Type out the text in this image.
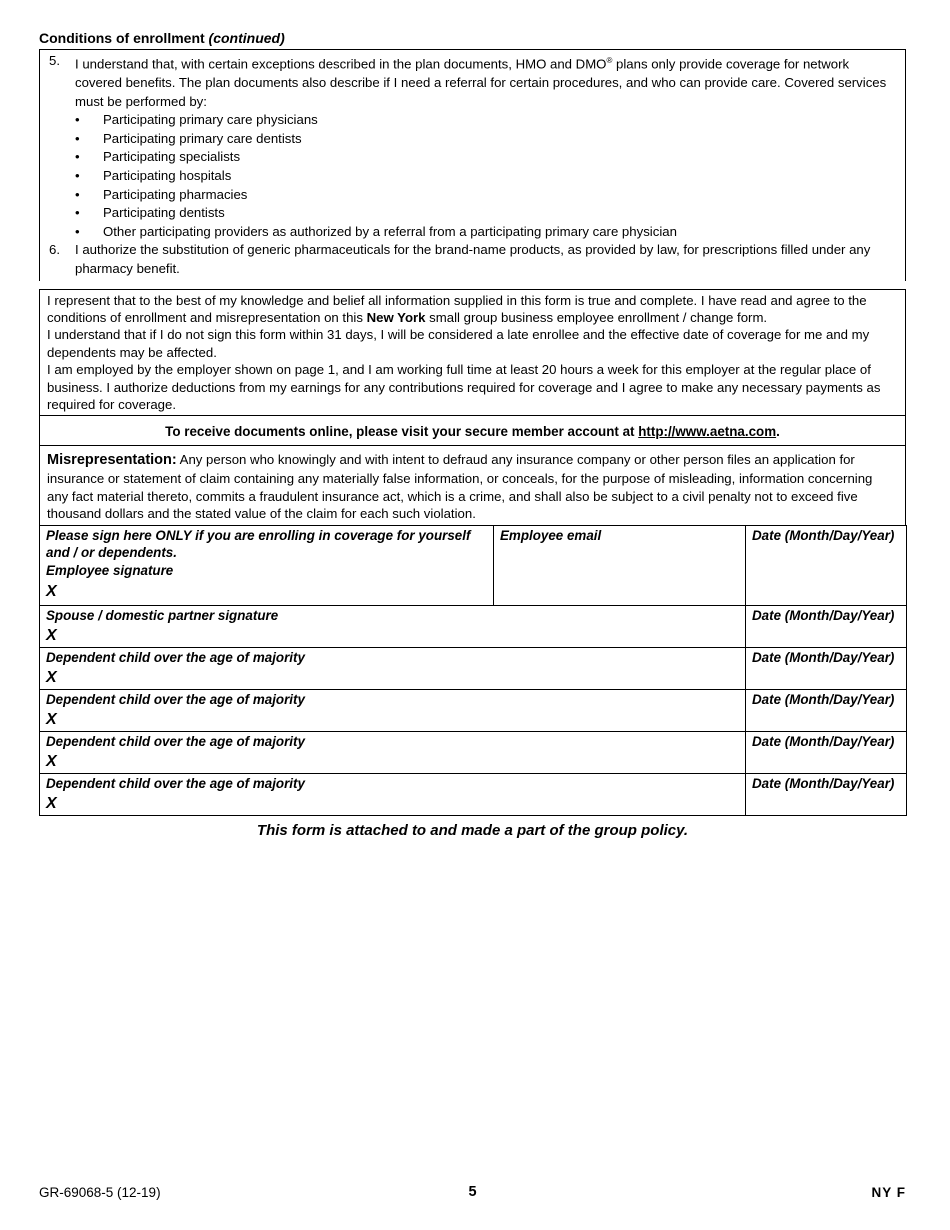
Conditions of enrollment (continued)
5. I understand that, with certain exceptions described in the plan documents, HMO and DMO® plans only provide coverage for network covered benefits. The plan documents also describe if I need a referral for certain procedures, and who can provide care. Covered services must be performed by:
• Participating primary care physicians
• Participating primary care dentists
• Participating specialists
• Participating hospitals
• Participating pharmacies
• Participating dentists
• Other participating providers as authorized by a referral from a participating primary care physician
6. I authorize the substitution of generic pharmaceuticals for the brand-name products, as provided by law, for prescriptions filled under any pharmacy benefit.

I represent that to the best of my knowledge and belief all information supplied in this form is true and complete. I have read and agree to the conditions of enrollment and misrepresentation on this New York small group business employee enrollment / change form.

I understand that if I do not sign this form within 31 days, I will be considered a late enrollee and the effective date of coverage for me and my dependents may be affected.

I am employed by the employer shown on page 1, and I am working full time at least 20 hours a week for this employer at the regular place of business. I authorize deductions from my earnings for any contributions required for coverage and I agree to make any necessary payments as required for coverage.

To receive documents online, please visit your secure member account at http://www.aetna.com.
Misrepresentation: Any person who knowingly and with intent to defraud any insurance company or other person files an application for insurance or statement of claim containing any materially false information, or conceals, for the purpose of misleading, information concerning any fact material thereto, commits a fraudulent insurance act, which is a crime, and shall also be subject to a civil penalty not to exceed five thousand dollars and the stated value of the claim for each such violation.
Please sign here ONLY if you are enrolling in coverage for yourself and / or dependents.
Employee signature
X	Employee email	Date (Month/Day/Year)

Spouse / domestic partner signature
X		Date (Month/Day/Year)

Dependent child over the age of majority
X		Date (Month/Day/Year)

Dependent child over the age of majority
X		Date (Month/Day/Year)

Dependent child over the age of majority
X		Date (Month/Day/Year)

Dependent child over the age of majority
X		Date (Month/Day/Year)
This form is attached to and made a part of the group policy.
GR-69068-5 (12-19)	5	NY F
